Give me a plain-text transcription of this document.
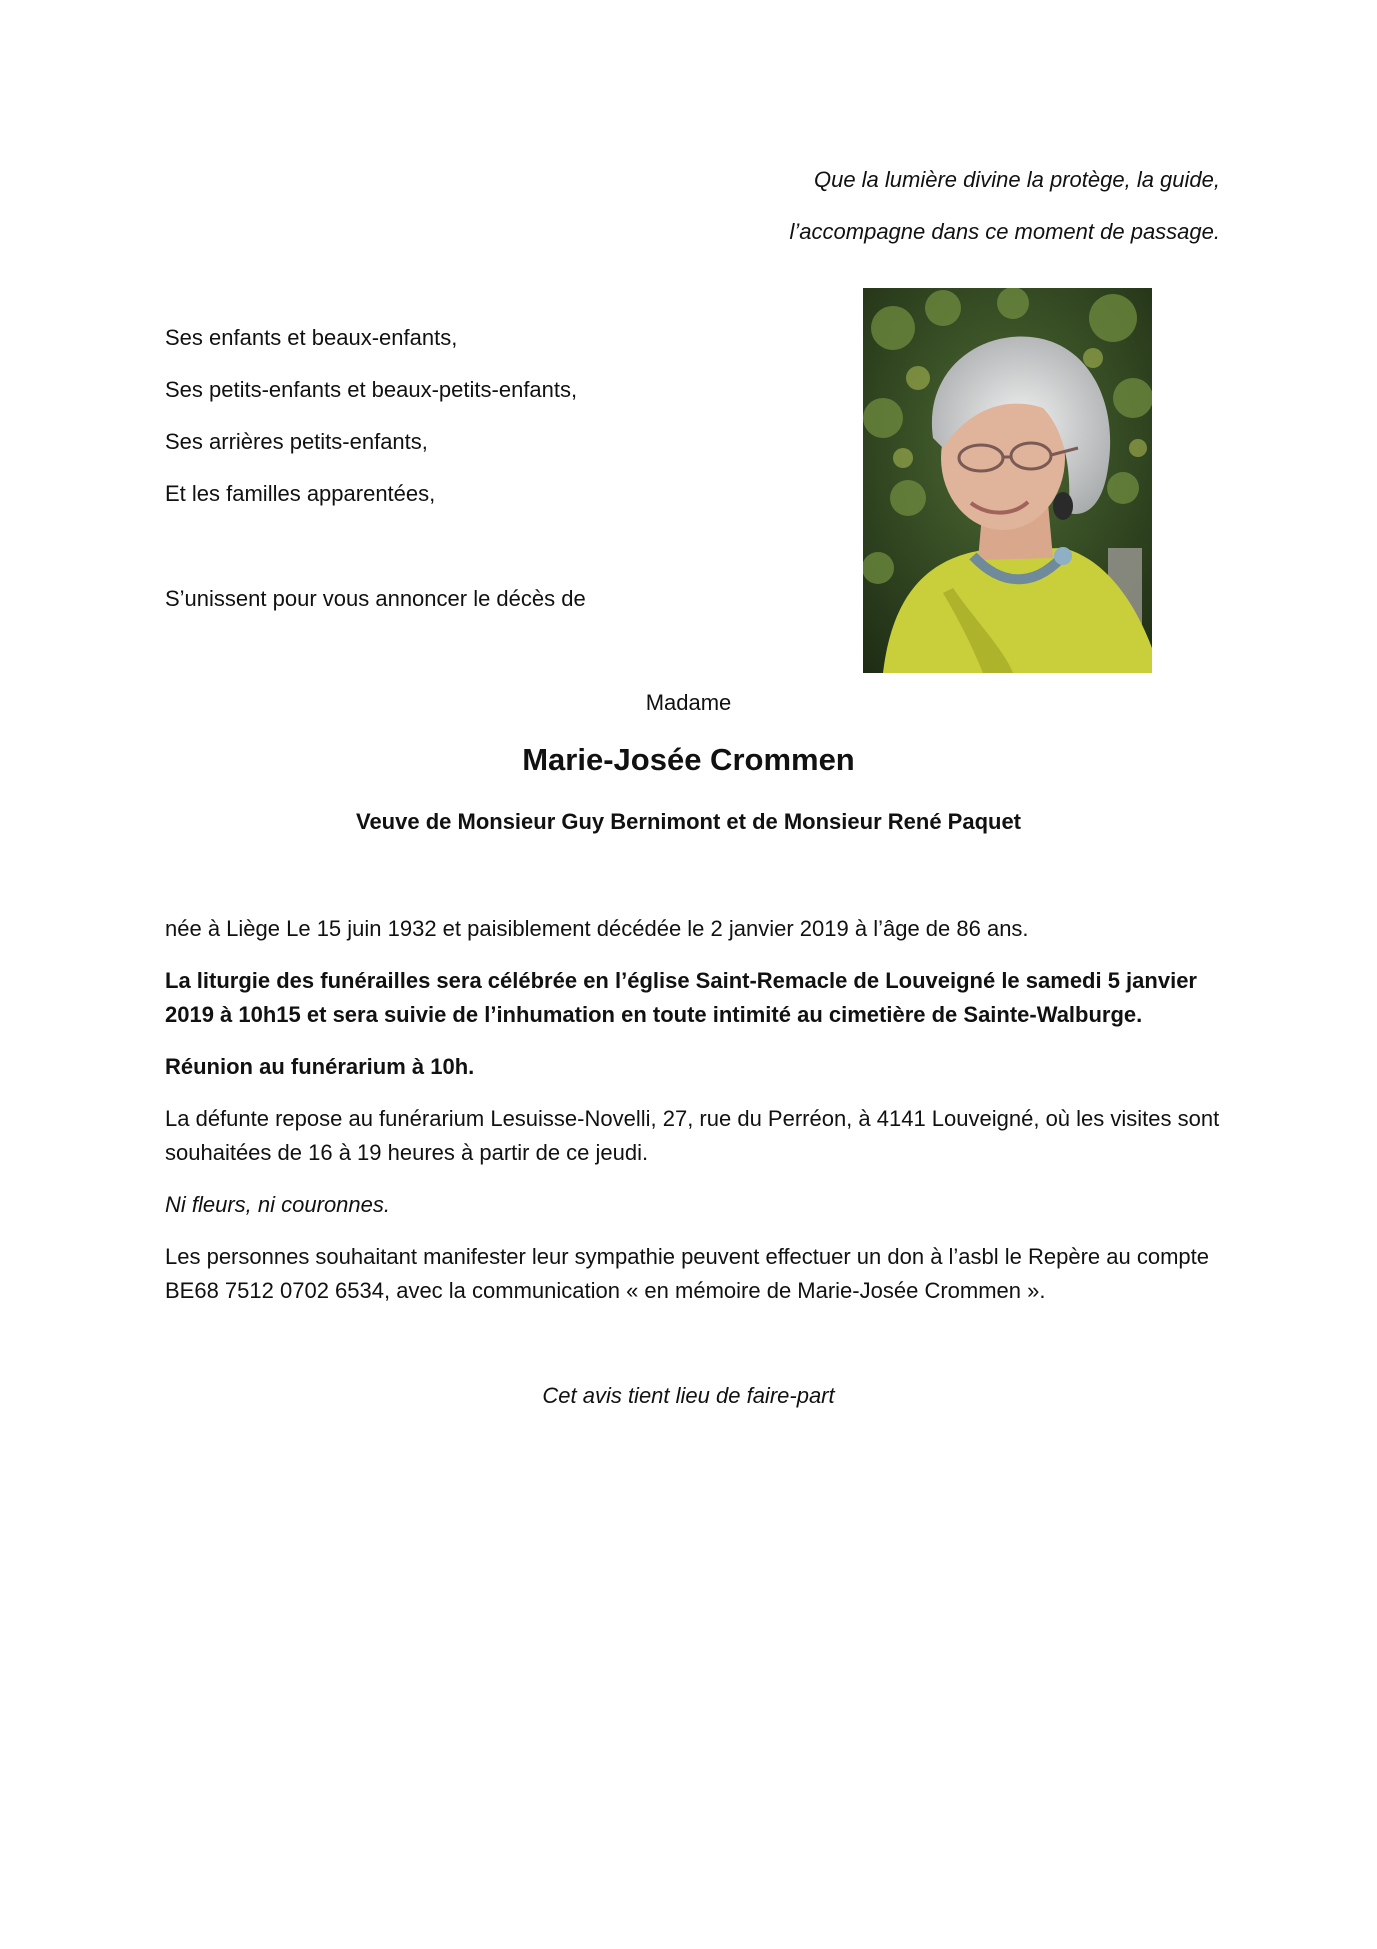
Que la lumière divine la protège, la guide,
l’accompagne dans ce moment de passage.
Ses enfants et beaux-enfants,
Ses petits-enfants et beaux-petits-enfants,
Ses arrières petits-enfants,
Et les familles apparentées,
S’unissent pour vous annoncer le décès de
Madame
Marie-Josée Crommen
Veuve de Monsieur Guy Bernimont et de Monsieur René Paquet
née à Liège Le 15 juin 1932 et paisiblement décédée le 2 janvier 2019 à l’âge de 86 ans.
La liturgie des funérailles sera célébrée en l’église Saint-Remacle de Louveigné le samedi 5 janvier 2019 à 10h15 et sera suivie de l’inhumation en toute intimité au cimetière de Sainte-Walburge.
Réunion au funérarium à 10h.
La défunte repose au funérarium Lesuisse-Novelli, 27, rue du Perréon, à 4141 Louveigné, où les visites sont souhaitées de 16 à 19 heures à partir de ce jeudi.
Ni fleurs, ni couronnes.
Les personnes souhaitant manifester leur sympathie peuvent effectuer un don à l’asbl le Repère au compte BE68 7512 0702 6534, avec la communication « en mémoire de Marie-Josée Crommen ».
Cet avis tient lieu de faire-part
